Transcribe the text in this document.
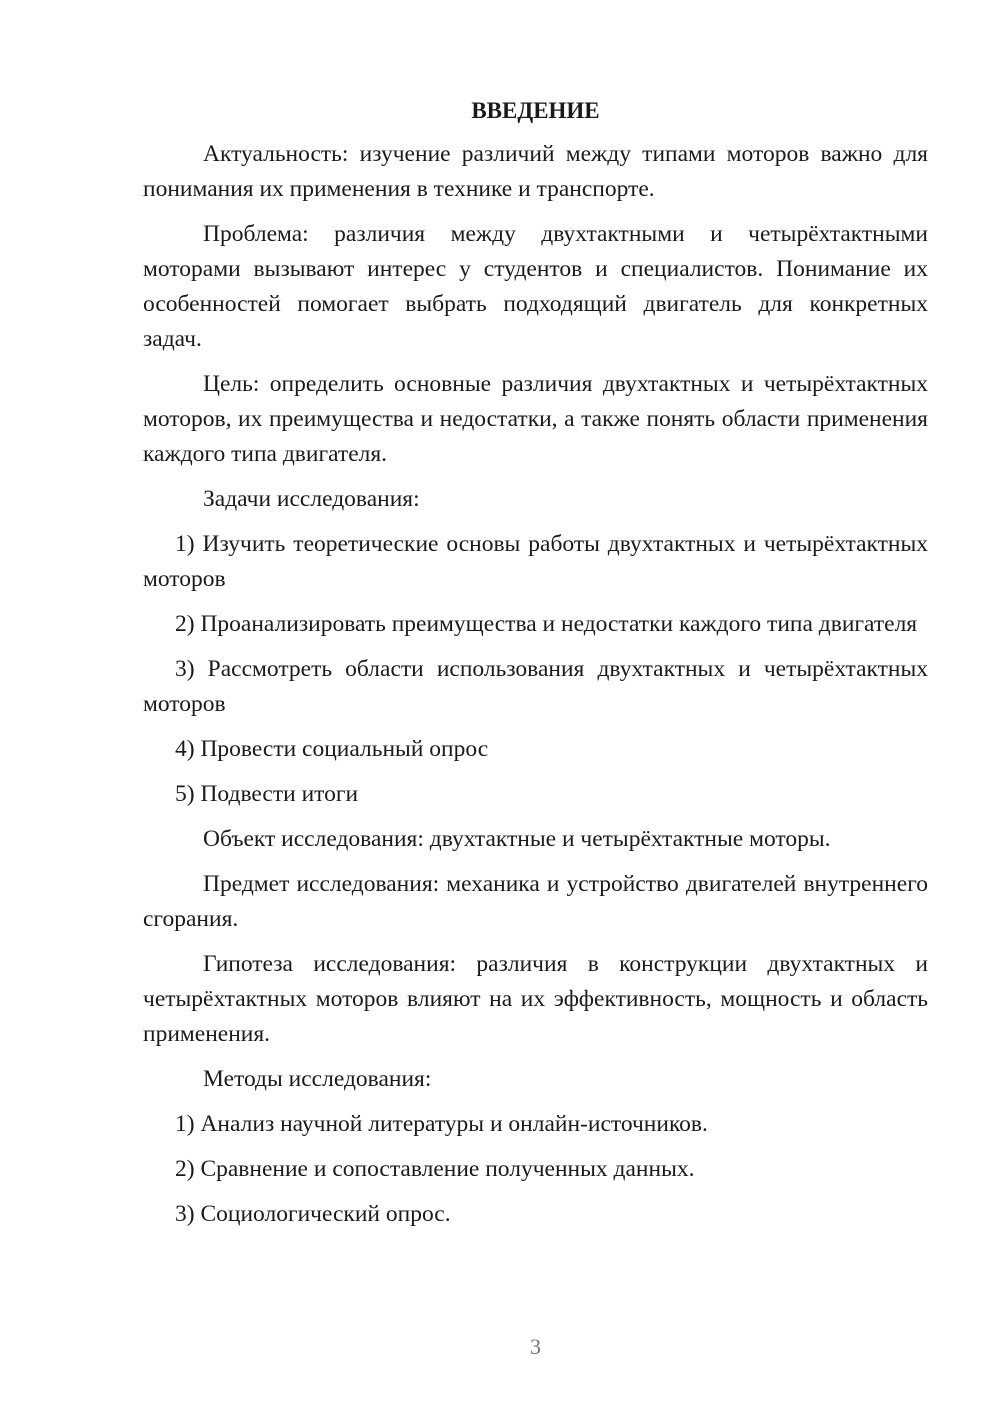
ВВЕДЕНИЕ

Актуальность: изучение различий между типами моторов важно для понимания их применения в технике и транспорте.

Проблема: различия между двухтактными и четырёхтактными моторами вызывают интерес у студентов и специалистов. Понимание их особенностей помогает выбрать подходящий двигатель для конкретных задач.

Цель: определить основные различия двухтактных и четырёхтактных моторов, их преимущества и недостатки, а также понять области применения каждого типа двигателя.

Задачи исследования:

1) Изучить теоретические основы работы двухтактных и четырёхтактных моторов

2) Проанализировать преимущества и недостатки каждого типа двигателя

3) Рассмотреть области использования двухтактных и четырёхтактных моторов

4) Провести социальный опрос

5) Подвести итоги

Объект исследования: двухтактные и четырёхтактные моторы.

Предмет исследования: механика и устройство двигателей внутреннего сгорания.

Гипотеза исследования: различия в конструкции двухтактных и четырёхтактных моторов влияют на их эффективность, мощность и область применения.

Методы исследования:

1) Анализ научной литературы и онлайн-источников.

2) Сравнение и сопоставление полученных данных.

3) Социологический опрос.

3
